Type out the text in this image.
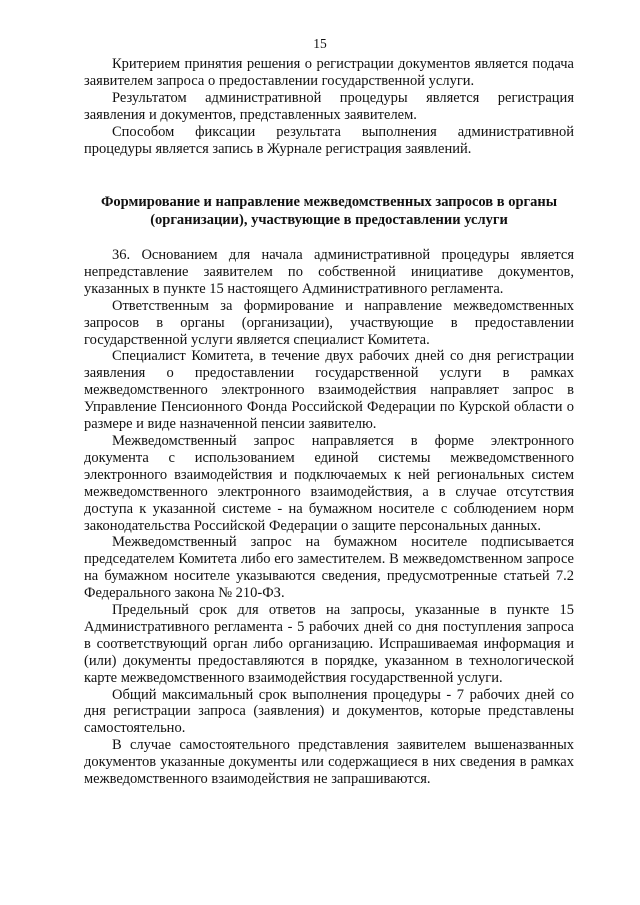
15

Критерием принятия решения о регистрации документов является подача заявителем запроса о предоставлении государственной услуги.

Результатом административной процедуры является регистрация заявления и документов, представленных заявителем.

Способом фиксации результата выполнения административной процедуры является запись в Журнале регистрация заявлений.

Формирование и направление межведомственных запросов в органы (организации), участвующие в предоставлении услуги

36. Основанием для начала административной процедуры является непредставление заявителем по собственной инициативе документов, указанных в пункте 15 настоящего Административного регламента.

Ответственным за формирование и направление межведомственных запросов в органы (организации), участвующие в предоставлении государственной услуги является специалист Комитета.

Специалист Комитета, в течение двух рабочих дней со дня регистрации заявления о предоставлении государственной услуги в рамках межведомственного электронного взаимодействия направляет запрос в Управление Пенсионного Фонда Российской Федерации по Курской области о размере и виде назначенной пенсии заявителю.

Межведомственный запрос направляется в форме электронного документа с использованием единой системы межведомственного электронного взаимодействия и подключаемых к ней региональных систем межведомственного электронного взаимодействия, а в случае отсутствия доступа к указанной системе - на бумажном носителе с соблюдением норм законодательства Российской Федерации о защите персональных данных.

Межведомственный запрос на бумажном носителе подписывается председателем Комитета либо его заместителем. В межведомственном запросе на бумажном носителе указываются сведения, предусмотренные статьей 7.2 Федерального закона № 210-ФЗ.

Предельный срок для ответов на запросы, указанные в пункте 15 Административного регламента - 5 рабочих дней со дня поступления запроса в соответствующий орган либо организацию. Испрашиваемая информация и (или) документы предоставляются в порядке, указанном в технологической карте межведомственного взаимодействия государственной услуги.

Общий максимальный срок выполнения процедуры - 7 рабочих дней со дня регистрации запроса (заявления) и документов, которые представлены самостоятельно.

В случае самостоятельного представления заявителем вышеназванных документов указанные документы или содержащиеся в них сведения в рамках межведомственного взаимодействия не запрашиваются.
